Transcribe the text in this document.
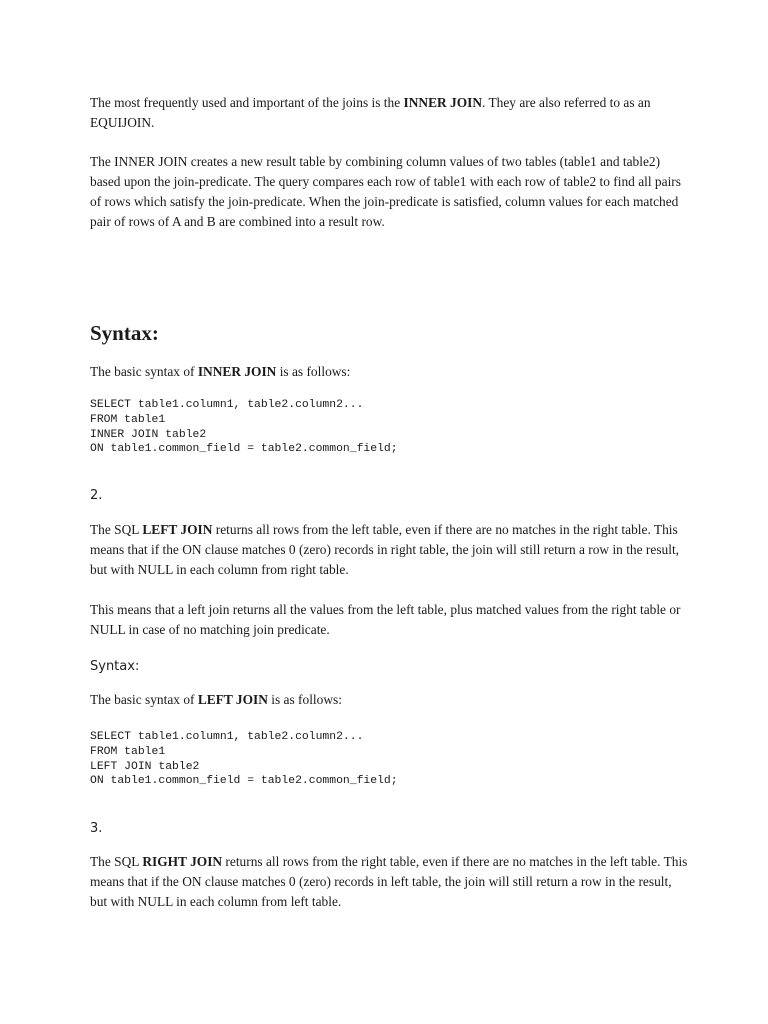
The most frequently used and important of the joins is the INNER JOIN. They are also referred to as an EQUIJOIN.

The INNER JOIN creates a new result table by combining column values of two tables (table1 and table2) based upon the join-predicate. The query compares each row of table1 with each row of table2 to find all pairs of rows which satisfy the join-predicate. When the join-predicate is satisfied, column values for each matched pair of rows of A and B are combined into a result row.

Syntax:

The basic syntax of INNER JOIN is as follows:

SELECT table1.column1, table2.column2...
FROM table1
INNER JOIN table2
ON table1.common_field = table2.common_field;
2.

The SQL LEFT JOIN returns all rows from the left table, even if there are no matches in the right table. This means that if the ON clause matches 0 (zero) records in right table, the join will still return a row in the result, but with NULL in each column from right table.

This means that a left join returns all the values from the left table, plus matched values from the right table or NULL in case of no matching join predicate.

Syntax:

The basic syntax of LEFT JOIN is as follows:

SELECT table1.column1, table2.column2...
FROM table1
LEFT JOIN table2
ON table1.common_field = table2.common_field;
3.

The SQL RIGHT JOIN returns all rows from the right table, even if there are no matches in the left table. This means that if the ON clause matches 0 (zero) records in left table, the join will still return a row in the result, but with NULL in each column from left table.
